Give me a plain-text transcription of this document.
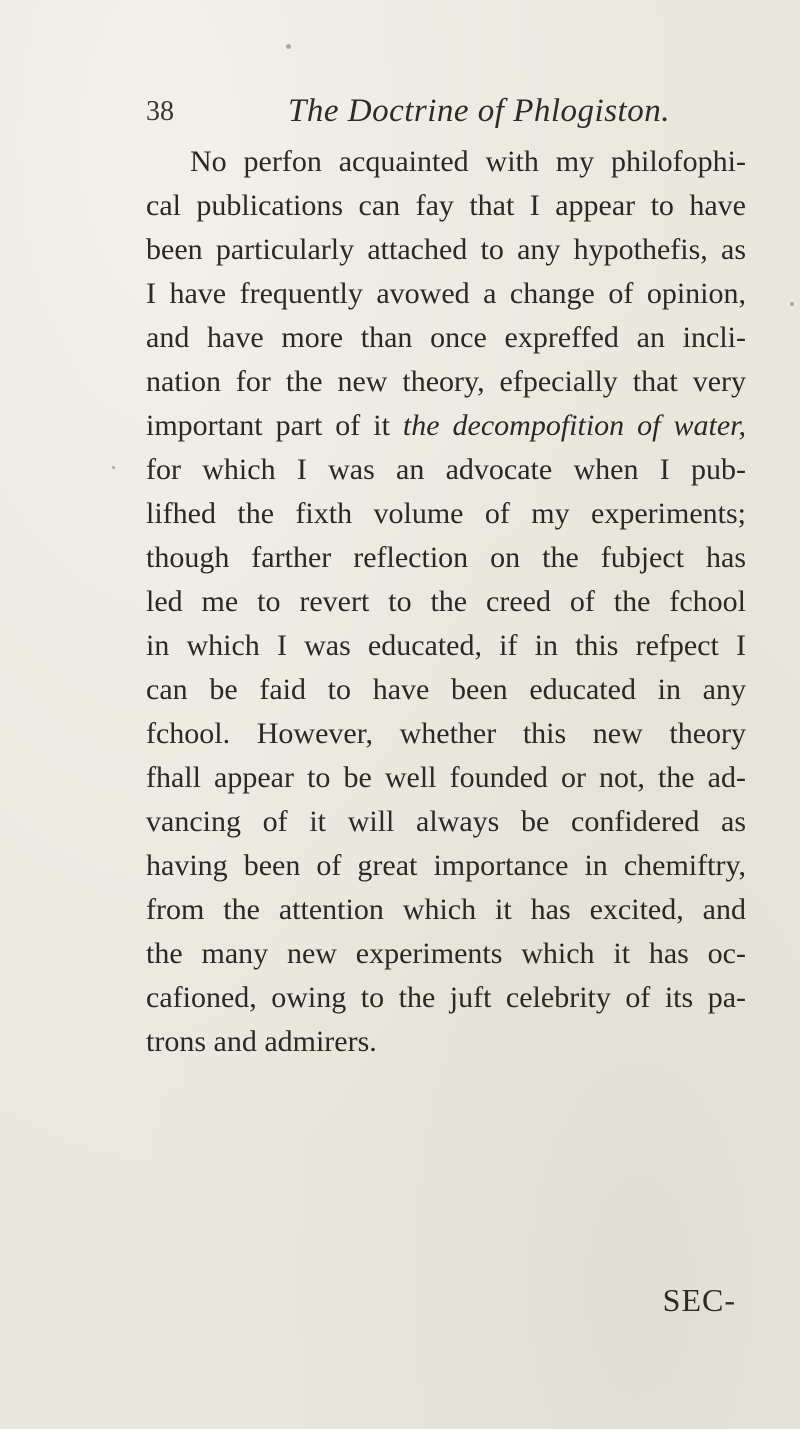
38	The Doctrine of Phlogiston.
No perfon acquainted with my philofophi-
cal publications can fay that I appear to have
been particularly attached to any hypothefis, as
I have frequently avowed a change of opinion,
and have more than once expreffed an incli-
nation for the new theory, efpecially that very
important part of it the decompofition of water,
for which I was an advocate when I pub-
lifhed the fixth volume of my experiments;
though farther reflection on the fubject has
led me to revert to the creed of the fchool
in which I was educated, if in this refpect I
can be faid to have been educated in any
fchool. However, whether this new theory
fhall appear to be well founded or not, the ad-
vancing of it will always be confidered as
having been of great importance in chemiftry,
from the attention which it has excited, and
the many new experiments which it has oc-
cafioned, owing to the juft celebrity of its pa-
trons and admirers.
SEC-
